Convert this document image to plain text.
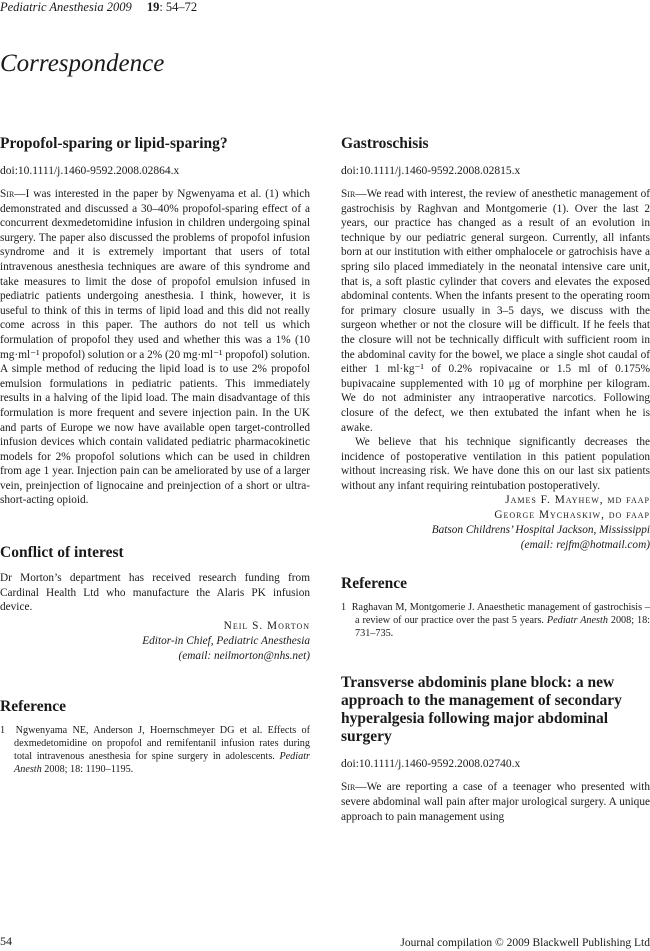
Pediatric Anesthesia 2009 19: 54–72
Correspondence
Propofol-sparing or lipid-sparing?
doi:10.1111/j.1460-9592.2008.02864.x

Sir—I was interested in the paper by Ngwenyama et al. (1) which demonstrated and discussed a 30–40% propofol-sparing effect of a concurrent dexmedetomidine infusion in children undergoing spinal surgery. The paper also discussed the problems of propofol infusion syndrome and it is extremely important that users of total intravenous anesthesia techniques are aware of this syndrome and take measures to limit the dose of propofol emulsion infused in pediatric patients undergoing anesthesia. I think, however, it is useful to think of this in terms of lipid load and this did not really come across in this paper. The authors do not tell us which formulation of propofol they used and whether this was a 1% (10 mg·ml⁻¹ propofol) solution or a 2% (20 mg·ml⁻¹ propofol) solution. A simple method of reducing the lipid load is to use 2% propofol emulsion formulations in pediatric patients. This immediately results in a halving of the lipid load. The main disadvantage of this formulation is more frequent and severe injection pain. In the UK and parts of Europe we now have available open target-controlled infusion devices which contain validated pediatric pharmacokinetic models for 2% propofol solutions which can be used in children from age 1 year. Injection pain can be ameliorated by use of a larger vein, preinjection of lignocaine and preinjection of a short or ultra-short-acting opioid.

Conflict of interest

Dr Morton’s department has received research funding from Cardinal Health Ltd who manufacture the Alaris PK infusion device.

Neil S. Morton
Editor-in Chief, Pediatric Anesthesia
(email: neilmorton@nhs.net)
Reference
1 Ngwenyama NE, Anderson J, Hoernschmeyer DG et al. Effects of dexmedetomidine on propofol and remifentanil infusion rates during total intravenous anesthesia for spine surgery in adolescents. Pediatr Anesth 2008; 18: 1190–1195.
Gastroschisis
doi:10.1111/j.1460-9592.2008.02815.x

Sir—We read with interest, the review of anesthetic management of gastrochisis by Raghvan and Montgomerie (1). Over the last 2 years, our practice has changed as a result of an evolution in technique by our pediatric general surgeon. Currently, all infants born at our institution with either omphalocele or gatrochisis have a spring silo placed immediately in the neonatal intensive care unit, that is, a soft plastic cylinder that covers and elevates the exposed abdominal contents. When the infants present to the operating room for primary closure usually in 3–5 days, we discuss with the surgeon whether or not the closure will be difficult. If he feels that the closure will not be technically difficult with sufficient room in the abdominal cavity for the bowel, we place a single shot caudal of either 1 ml·kg⁻¹ of 0.2% ropivacaine or 1.5 ml of 0.175% bupivacaine supplemented with 10 μg of morphine per kilogram. We do not administer any intraoperative narcotics. Following closure of the defect, we then extubated the infant when he is awake.

We believe that his technique significantly decreases the incidence of postoperative ventilation in this patient population without increasing risk. We have done this on our last six patients without any infant requiring reintubation postoperatively.

James F. Mayhew, md faap
George Mychaskiw, do faap
Batson Childrens’ Hospital Jackson, Mississippi
(email: rejfm@hotmail.com)
Reference
1 Raghavan M, Montgomerie J. Anaesthetic management of gastrochisis – a review of our practice over the past 5 years. Pediatr Anesth 2008; 18: 731–735.
Transverse abdominis plane block: a new approach to the management of secondary hyperalgesia following major abdominal surgery
doi:10.1111/j.1460-9592.2008.02740.x

Sir—We are reporting a case of a teenager who presented with severe abdominal wall pain after major urological surgery. A unique approach to pain management using

54	Journal compilation © 2009 Blackwell Publishing Ltd
